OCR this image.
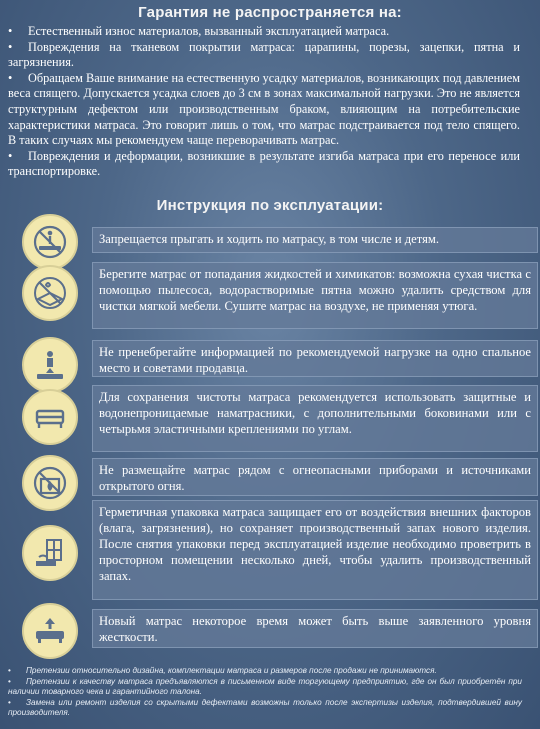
Гарантия не распространяется на:
• Естественный износ материалов, вызванный эксплуатацией матраса.
• Повреждения на тканевом покрытии матраса: царапины, порезы, зацепки, пятна и загрязнения.
• Обращаем Ваше внимание на естественную усадку материалов, возникающих под давлением веса спящего. Допускается усадка слоев до 3 см в зонах максимальной нагрузки. Это не является структурным дефектом или производственным браком, влияющим на потребительские характеристики матраса. Это говорит лишь о том, что матрас подстраивается под тело спящего. В таких случаях мы рекомендуем чаще переворачивать матрас.
• Повреждения и деформации, возникшие в результате изгиба матраса при его переносе или транспортировке.
Инструкция по эксплуатации:
Запрещается прыгать и ходить по матрасу, в том числе и детям.
Берегите матрас от попадания жидкостей и химикатов: возможна сухая чистка с помощью пылесоса, водорастворимые пятна можно удалить средством для чистки мягкой мебели. Сушите матрас на воздухе, не применяя утюга.
Не пренебрегайте информацией по рекомендуемой нагрузке на одно спальное место и советами продавца.
Для сохранения чистоты матраса рекомендуется использовать защитные и водонепроницаемые наматрасники, с дополнительными боковинами или с четырьмя эластичными креплениями по углам.
Не размещайте матрас рядом с огнеопасными приборами и источниками открытого огня.
Герметичная упаковка матраса защищает его от воздействия внешних факторов (влага, загрязнения), но сохраняет производственный запах нового изделия. После снятия упаковки перед эксплуатацией изделие необходимо проветрить в просторном помещении несколько дней, чтобы удалить производственный запах.
Новый матрас некоторое время может быть выше заявленного уровня жесткости.
• Претензии относительно дизайна, комплектации матраса и размеров после продажи не принимаются.
• Претензии к качеству матраса предъявляются в письменном виде торгующему предприятию, где он был приобретён при наличии товарного чека и гарантийного талона.
• Замена или ремонт изделия со скрытыми дефектами возможны только после экспертизы изделия, подтвердившей вину производителя.
